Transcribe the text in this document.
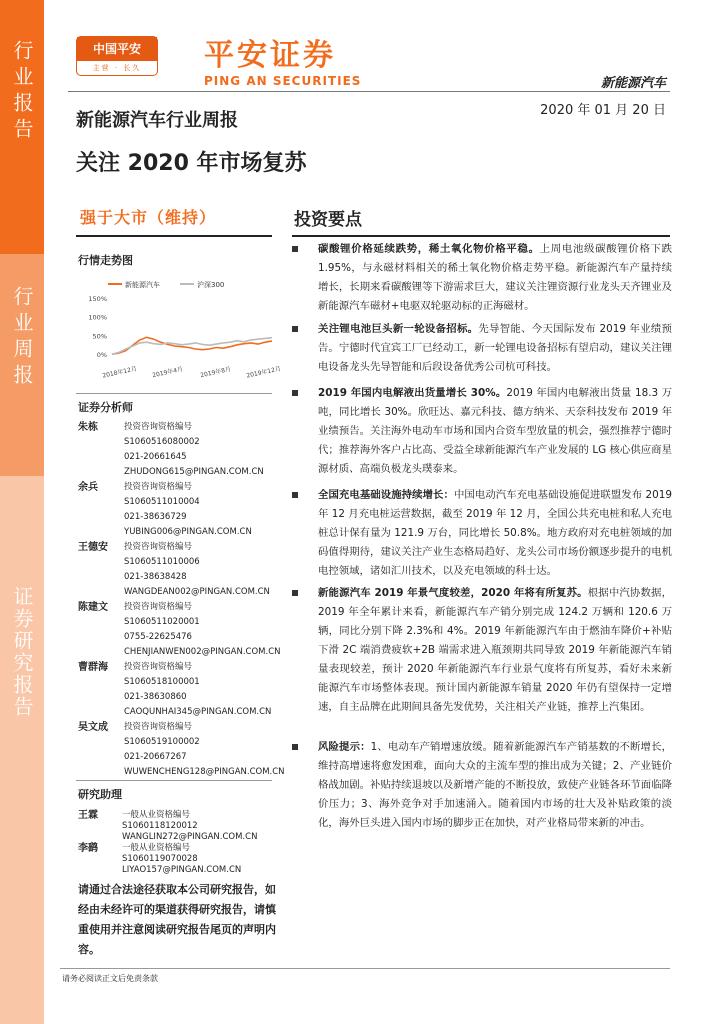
行业报告
行业周报
证券研究报告
中国平安
主营 · 长久	平安证券
PING AN SECURITIES	新能源汽车
2020 年 01 月 20 日
新能源汽车行业周报
关注 2020 年市场复苏
强于大市（维持）
行情走势图
新能源汽车	沪深300
150%
100%
50%
0%
2018年12月 2019年4月	2019年8月 2019年12月
证券分析师
朱栋	投资咨询资格编号
S1060516080002
021-20661645
ZHUDONG615@PINGAN.COM.CN
余兵	投资咨询资格编号
S1060511010004
021-38636729
YUBING006@PINGAN.COM.CN
王德安 投资咨询资格编号
S1060511010006
021-38638428
WANGDEAN002@PINGAN.COM.CN
陈建文 投资咨询资格编号
S1060511020001
0755-22625476
CHENJIANWEN002@PINGAN.COM.CN
曹群海 投资咨询资格编号
S1060518100001
021-38630860
CAOQUNHAI345@PINGAN.COM.CN
吴文成 投资咨询资格编号
S1060519100002
021-20667267
WUWENCHENG128@PINGAN.COM.CN
研究助理
王霖	一般从业资格编号
S1060118120012
WANGLIN272@PINGAN.COM.CN
李鹞	一般从业资格编号
S1060119070028
LIYAO157@PINGAN.COM.CN
请通过合法途径获取本公司研究报告，如经由未经许可的渠道获得研究报告，请慎重使用并注意阅读研究报告尾页的声明内容。
投资要点
碳酸锂价格延续跌势，稀土氧化物价格平稳。上周电池级碳酸锂价格下跌 1.95%，与永磁材料相关的稀土氧化物价格走势平稳。新能源汽车产量持续增长，长期来看碳酸锂等下游需求巨大，建议关注锂资源行业龙头天齐锂业及新能源汽车磁材+电驱双轮驱动标的正海磁材。
关注锂电池巨头新一轮设备招标。先导智能、今天国际发布 2019 年业绩预告。宁德时代宜宾工厂已经动工，新一轮锂电设备招标有望启动，建议关注锂电设备龙头先导智能和后段设备优秀公司杭可科技。
2019 年国内电解液出货量增长 30%。2019 年国内电解液出货量 18.3 万吨，同比增长 30%。欣旺达、嘉元科技、德方纳米、天奈科技发布 2019 年业绩预告。关注海外电动车市场和国内合资车型放量的机会，强烈推荐宁德时代；推荐海外客户占比高、受益全球新能源汽车产业发展的 LG 核心供应商星源材质、高端负极龙头璞泰来。
全国充电基础设施持续增长：中国电动汽车充电基础设施促进联盟发布 2019 年 12 月充电桩运营数据，截至 2019 年 12 月，全国公共充电桩和私人充电桩总计保有量为 121.9 万台，同比增长 50.8%。地方政府对充电桩领域的加码值得期待，建议关注产业生态格局趋好、龙头公司市场份额逐步提升的电机电控领域，诸如汇川技术，以及充电领域的科士达。
新能源汽车 2019 年景气度较差，2020 年将有所复苏。根据中汽协数据，2019 年全年累计来看，新能源汽车产销分别完成 124.2 万辆和 120.6 万辆，同比分别下降 2.3%和 4%。2019 年新能源汽车由于燃油车降价+补贴下滑 2C 端消费疲软+2B 端需求进入瓶颈期共同导致 2019 年新能源汽车销量表现较差，预计 2020 年新能源汽车行业景气度将有所复苏，看好未来新能源汽车市场整体表现。预计国内新能源车销量 2020 年仍有望保持一定增速，自主品牌在此期间具备先发优势，关注相关产业链，推荐上汽集团。
风险提示：1、电动车产销增速放缓。随着新能源汽车产销基数的不断增长，维持高增速将愈发困难，面向大众的主流车型的推出成为关键；2、产业链价格战加剧。补贴持续退坡以及新增产能的不断投放，致使产业链各环节面临降价压力；3、海外竞争对手加速涌入。随着国内市场的壮大及补贴政策的淡化，海外巨头进入国内市场的脚步正在加快，对产业格局带来新的冲击。
请务必阅读正文后免责条款
